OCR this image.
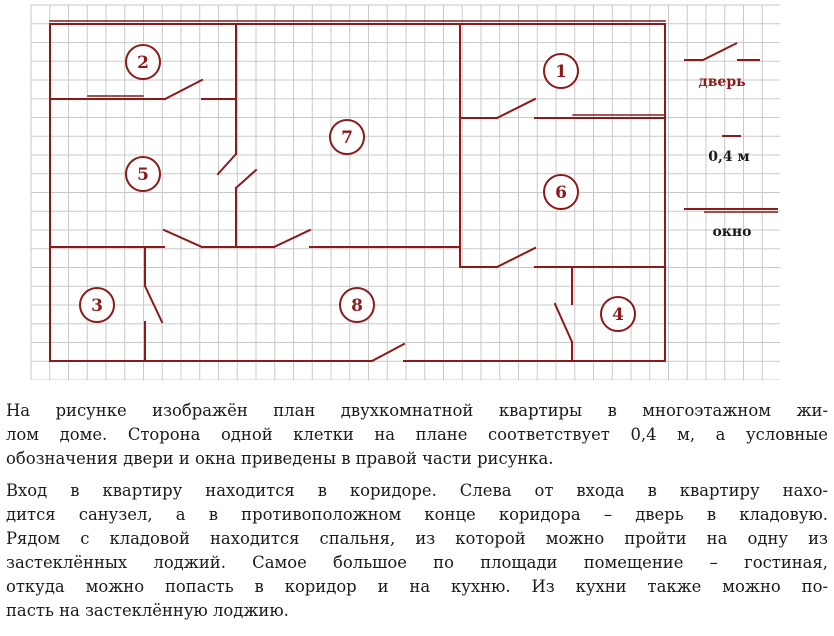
2	1
7
5
6
3	8	4
дверь
0,4 м
окно
На рисунке изображён план двухкомнатной квартиры в многоэтажном жи-
лом доме. Сторона одной клетки на плане соответствует 0,4 м, а условные
обозначения двери и окна приведены в правой части рисунка.
Вход в квартиру находится в коридоре. Слева от входа в квартиру нахо-
дится санузел, а в противоположном конце коридора – дверь в кладовую.
Рядом с кладовой находится спальня, из которой можно пройти на одну из
застеклённых лоджий. Самое большое по площади помещение – гостиная,
откуда можно попасть в коридор и на кухню. Из кухни также можно по-
пасть на застеклённую лоджию.
